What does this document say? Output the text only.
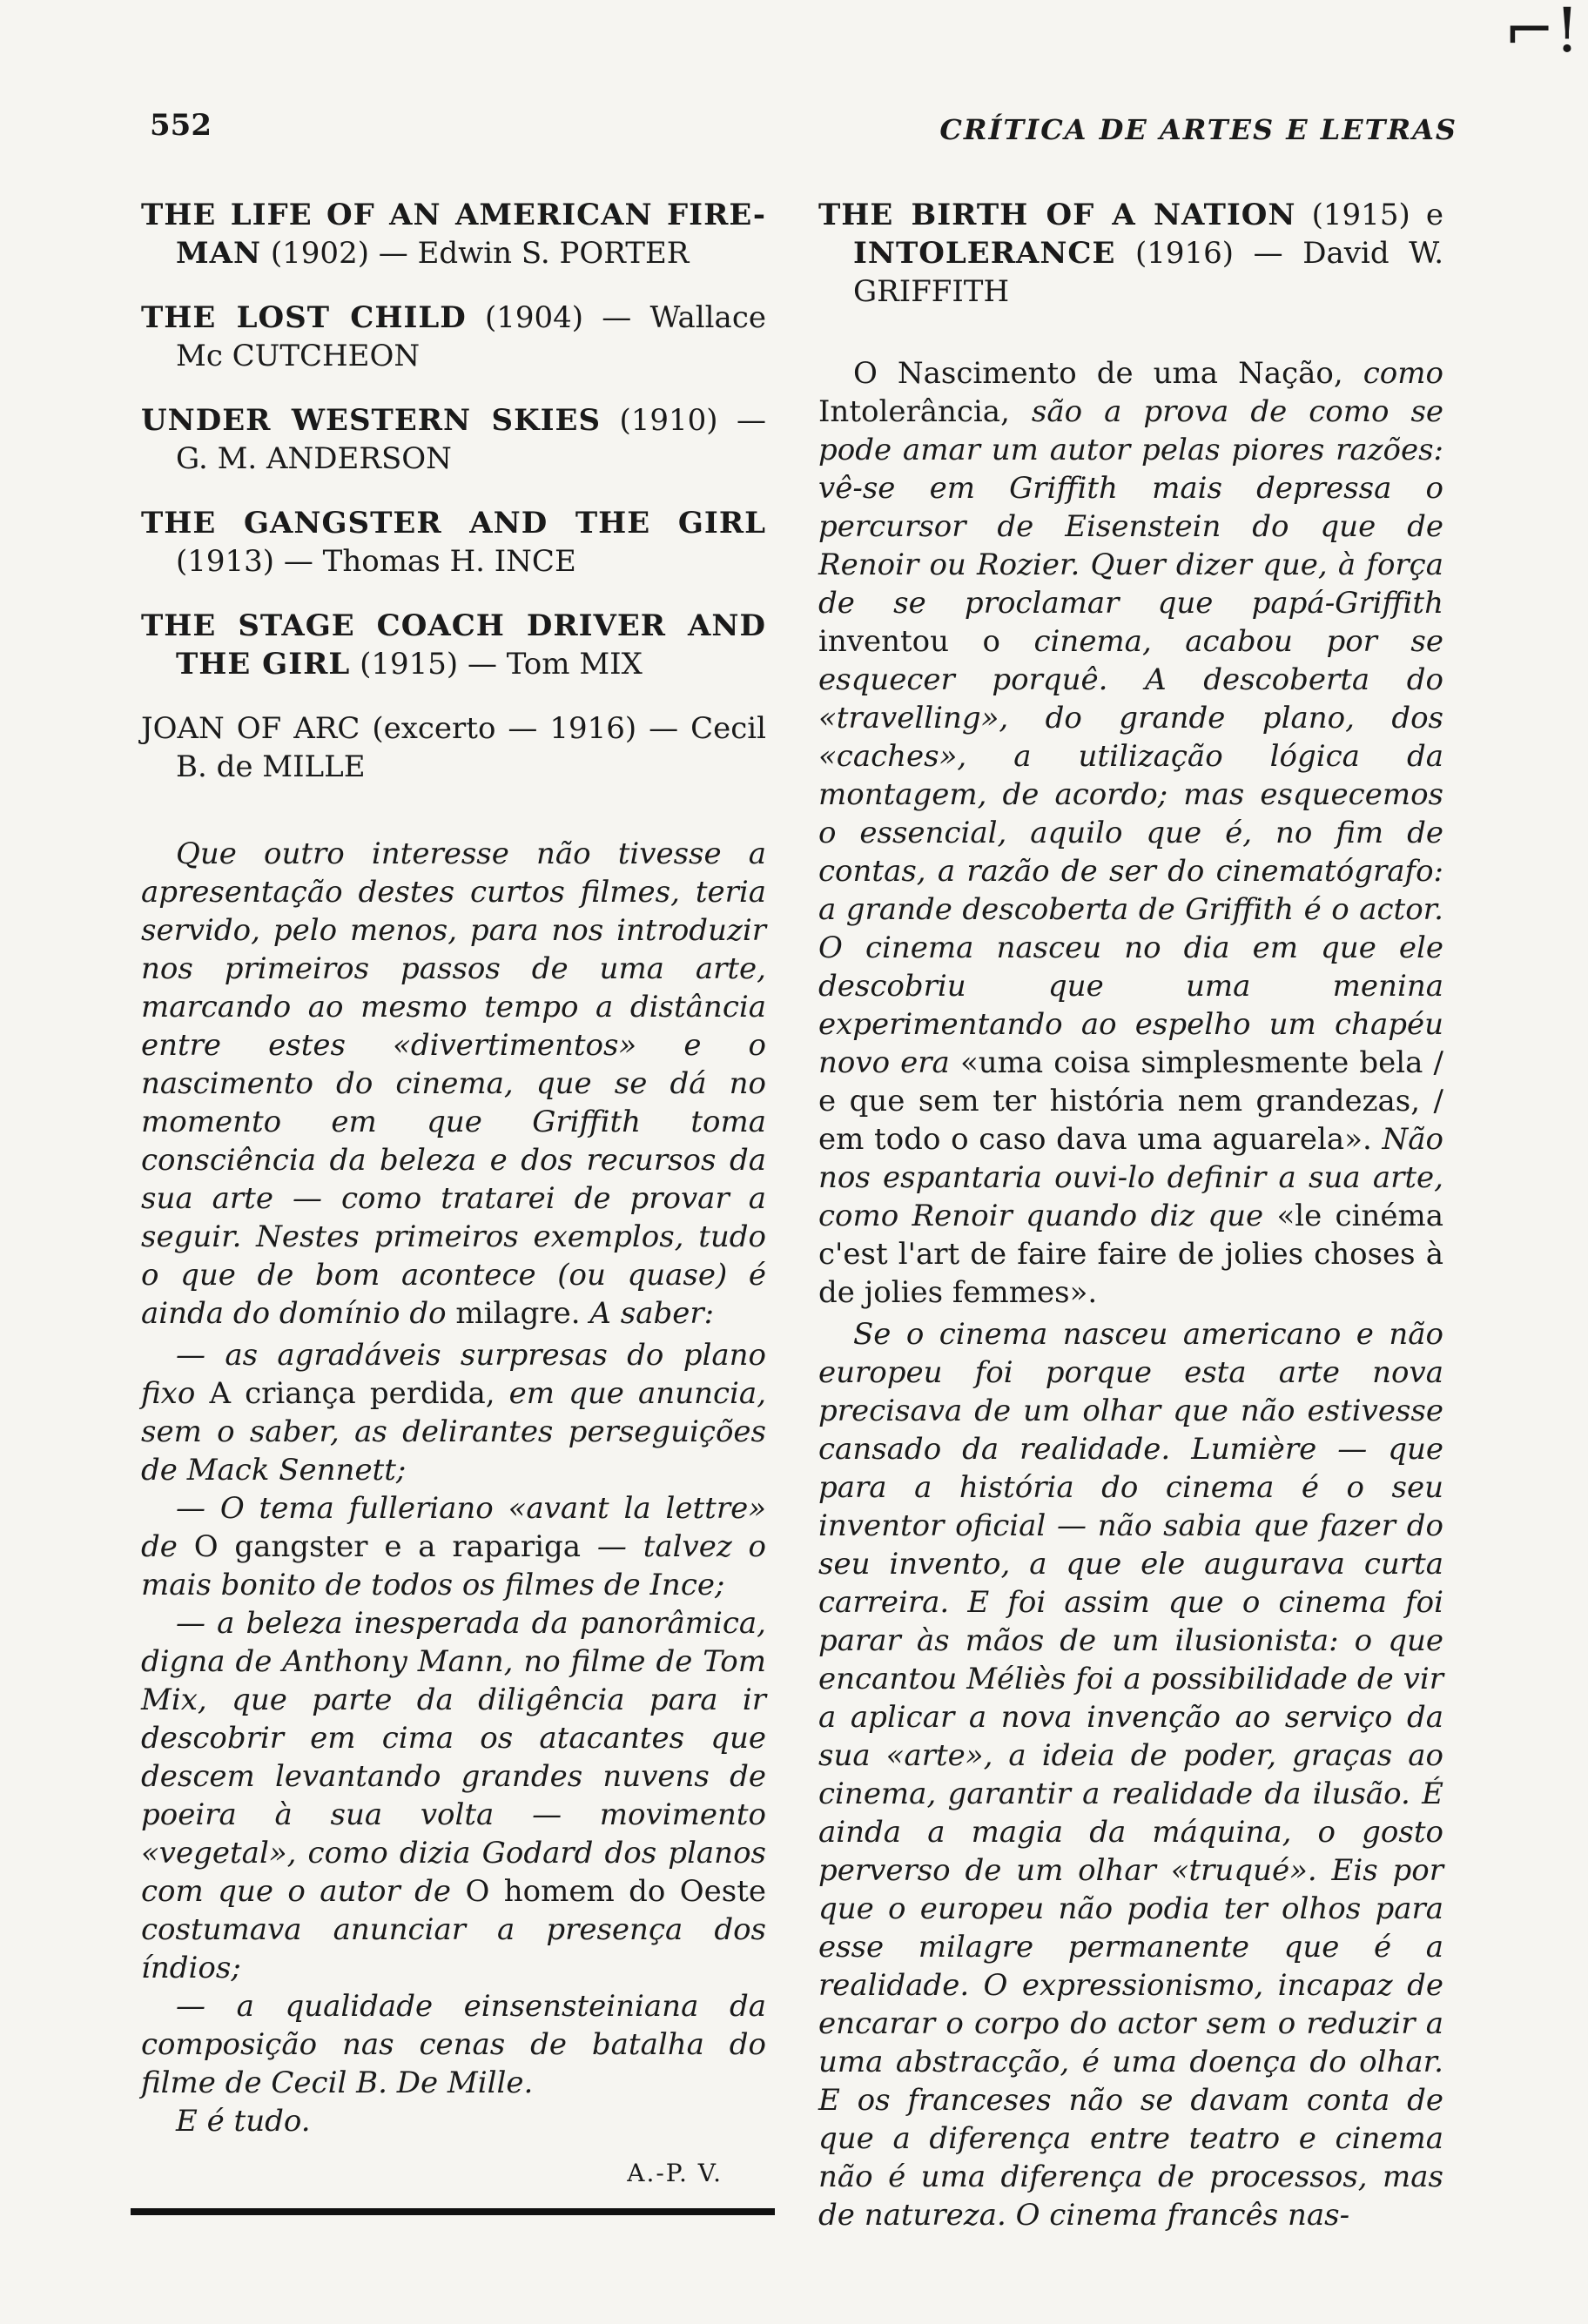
⌐!
552	CRÍTICA DE ARTES E LETRAS

THE LIFE OF AN AMERICAN FIRE-MAN (1902) — Edwin S. PORTER

THE LOST CHILD (1904) — Wallace Mc CUTCHEON

UNDER WESTERN SKIES (1910) — G. M. ANDERSON

THE GANGSTER AND THE GIRL (1913) — Thomas H. INCE

THE STAGE COACH DRIVER AND THE GIRL (1915) — Tom MIX

JOAN OF ARC (excerto — 1916) — Cecil B. de MILLE

Que outro interesse não tivesse a apresentação destes curtos filmes, teria servido, pelo menos, para nos introduzir nos primeiros passos de uma arte, marcando ao mesmo tempo a distância entre estes «divertimentos» e o nascimento do cinema, que se dá no momento em que Griffith toma consciência da beleza e dos recursos da sua arte — como tratarei de provar a seguir. Nestes primeiros exemplos, tudo o que de bom acontece (ou quase) é ainda do domínio do milagre. A saber:

— as agradáveis surpresas do plano fixo A criança perdida, em que anuncia, sem o saber, as delirantes perseguições de Mack Sennett;

— O tema fulleriano «avant la lettre» de O gangster e a rapariga — talvez o mais bonito de todos os filmes de Ince;

— a beleza inesperada da panorâmica, digna de Anthony Mann, no filme de Tom Mix, que parte da diligência para ir descobrir em cima os atacantes que descem levantando grandes nuvens de poeira à sua volta — movimento «vegetal», como dizia Godard dos planos com que o autor de O homem do Oeste costumava anunciar a presença dos índios;

— a qualidade einsensteiniana da composição nas cenas de batalha do filme de Cecil B. De Mille.

E é tudo.

A.-P. V.

THE BIRTH OF A NATION (1915) e INTOLERANCE (1916) — David W. GRIFFITH

O Nascimento de uma Nação, como Intolerância, são a prova de como se pode amar um autor pelas piores razões: vê-se em Griffith mais depressa o percursor de Eisenstein do que de Renoir ou Rozier. Quer dizer que, à força de se proclamar que papá-Griffith inventou o cinema, acabou por se esquecer porquê. A descoberta do «travelling», do grande plano, dos «caches», a utilização lógica da montagem, de acordo; mas esquecemos o essencial, aquilo que é, no fim de contas, a razão de ser do cinematógrafo: a grande descoberta de Griffith é o actor. O cinema nasceu no dia em que ele descobriu que uma menina experimentando ao espelho um chapéu novo era «uma coisa simplesmente bela / e que sem ter história nem grandezas, / em todo o caso dava uma aguarela». Não nos espantaria ouvi-lo definir a sua arte, como Renoir quando diz que «le cinéma c'est l'art de faire faire de jolies choses à de jolies femmes».

Se o cinema nasceu americano e não europeu foi porque esta arte nova precisava de um olhar que não estivesse cansado da realidade. Lumière — que para a história do cinema é o seu inventor oficial — não sabia que fazer do seu invento, a que ele augurava curta carreira. E foi assim que o cinema foi parar às mãos de um ilusionista: o que encantou Méliès foi a possibilidade de vir a aplicar a nova invenção ao serviço da sua «arte», a ideia de poder, graças ao cinema, garantir a realidade da ilusão. É ainda a magia da máquina, o gosto perverso de um olhar «truqué». Eis por que o europeu não podia ter olhos para esse milagre permanente que é a realidade. O expressionismo, incapaz de encarar o corpo do actor sem o reduzir a uma abstracção, é uma doença do olhar. E os franceses não se davam conta de que a diferença entre teatro e cinema não é uma diferença de processos, mas de natureza. O cinema francês nas-
